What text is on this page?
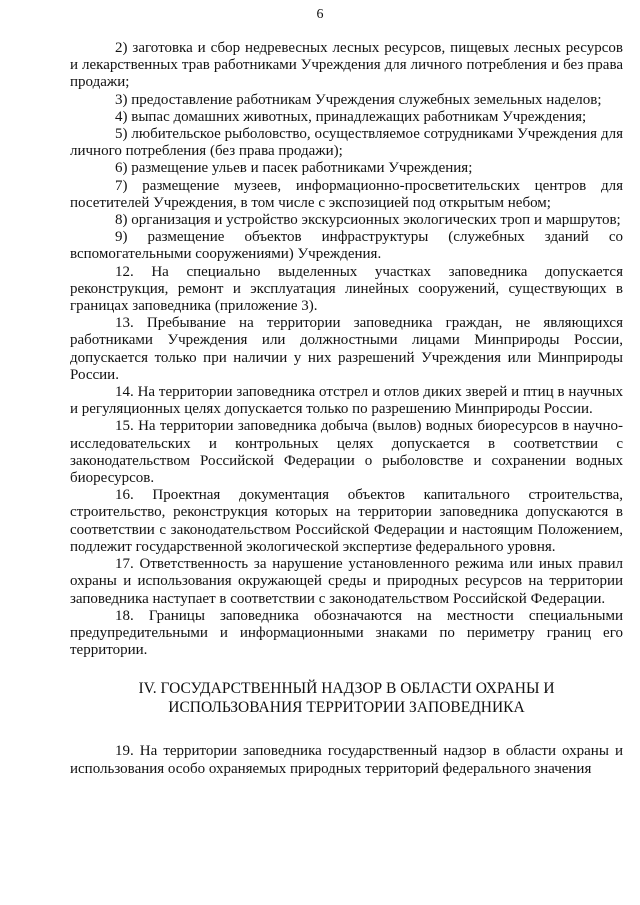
6

2) заготовка и сбор недревесных лесных ресурсов, пищевых лесных ресурсов и лекарственных трав работниками Учреждения для личного потребления и без права продажи;

3) предоставление работникам Учреждения служебных земельных наделов;

4) выпас домашних животных, принадлежащих работникам Учреждения;

5) любительское рыболовство, осуществляемое сотрудниками Учреждения для личного потребления (без права продажи);

6) размещение ульев и пасек работниками Учреждения;

7) размещение музеев, информационно-просветительских центров для посетителей Учреждения, в том числе с экспозицией под открытым небом;

8) организация и устройство экскурсионных экологических троп и маршрутов;

9) размещение объектов инфраструктуры (служебных зданий со вспомогательными сооружениями) Учреждения.

12. На специально выделенных участках заповедника допускается реконструкция, ремонт и эксплуатация линейных сооружений, существующих в границах заповедника (приложение 3).

13. Пребывание на территории заповедника граждан, не являющихся работниками Учреждения или должностными лицами Минприроды России, допускается только при наличии у них разрешений Учреждения или Минприроды России.

14. На территории заповедника отстрел и отлов диких зверей и птиц в научных и регуляционных целях допускается только по разрешению Минприроды России.

15. На территории заповедника добыча (вылов) водных биоресурсов в научно-исследовательских и контрольных целях допускается в соответствии с законодательством Российской Федерации о рыболовстве и сохранении водных биоресурсов.

16. Проектная документация объектов капитального строительства, строительство, реконструкция которых на территории заповедника допускаются в соответствии с законодательством Российской Федерации и настоящим Положением, подлежит государственной экологической экспертизе федерального уровня.

17. Ответственность за нарушение установленного режима или иных правил охраны и использования окружающей среды и природных ресурсов на территории заповедника наступает в соответствии с законодательством Российской Федерации.

18. Границы заповедника обозначаются на местности специальными предупредительными и информационными знаками по периметру границ его территории.

IV. ГОСУДАРСТВЕННЫЙ НАДЗОР В ОБЛАСТИ ОХРАНЫ И
ИСПОЛЬЗОВАНИЯ ТЕРРИТОРИИ ЗАПОВЕДНИКА

19. На территории заповедника государственный надзор в области охраны и использования особо охраняемых природных территорий федерального значения
